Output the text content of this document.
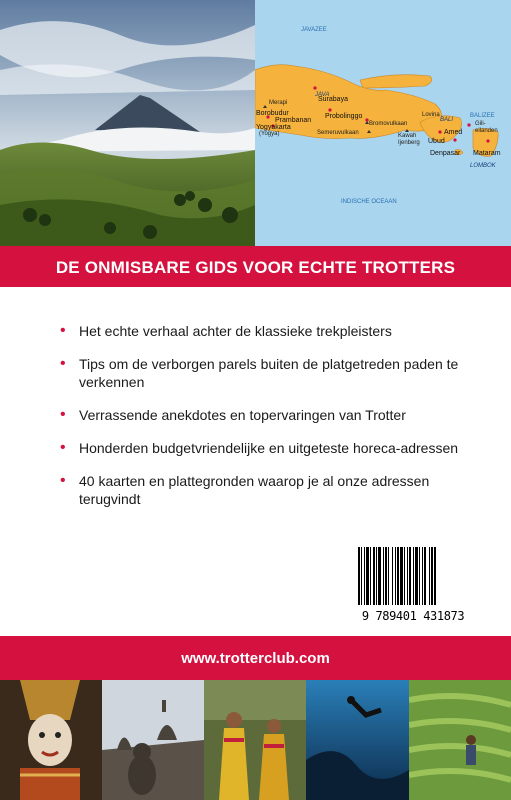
JAVAZEE
INDISCHE OCEAAN
JAVA
BALI
BALIZEE
LOMBOK
Merapi
Borobudur
Prambanan
Yogyakarta
(Yogya)
Surabaya
Probolinggo
Bromovulkaan
Semeruvulkaan	Kawah
Ijenberg
Lovina
Amed
Ubud
Denpasar
Gili-
eilanden
Mataram
DE ONMISBARE GIDS VOOR ECHTE TROTTERS
• Het echte verhaal achter de klassieke trekpleisters
• Tips om de verborgen parels buiten de platgetreden paden te verkennen
• Verrassende anekdotes en topervaringen van Trotter
• Honderden budgetvriendelijke en uitgeteste horeca-adressen
• 40 kaarten en plattegronden waarop je al onze adressen terugvindt
9 789401 431873
www.trotterclub.com
